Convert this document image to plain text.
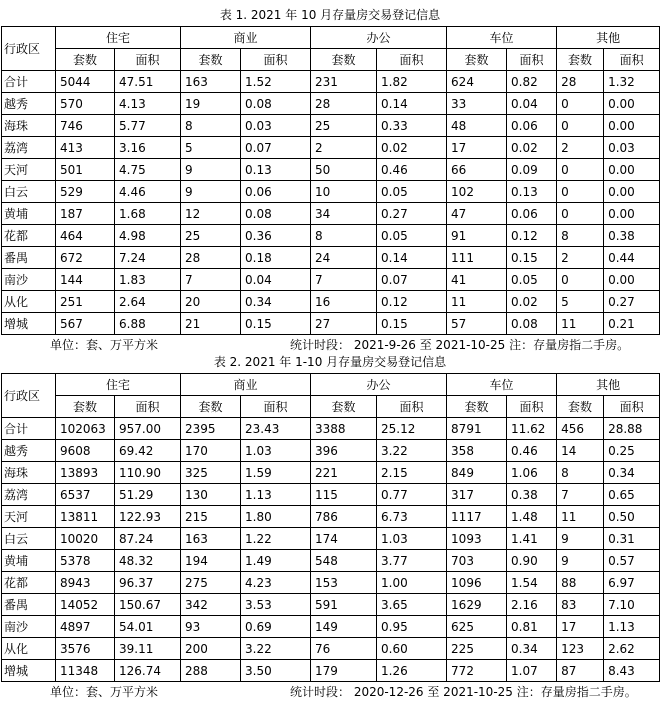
表 1. 2021 年 10 月存量房交易登记信息
行政区	住宅		商业		办公		车位		其他	
	套数	面积	套数	面积	套数	面积	套数	面积	套数	面积
合计	5044	47.51	163	1.52	231	1.82	624	0.82	28	1.32
越秀	570	4.13	19	0.08	28	0.14	33	0.04	0	0.00
海珠	746	5.77	8	0.03	25	0.33	48	0.06	0	0.00
荔湾	413	3.16	5	0.07	2	0.02	17	0.02	2	0.03
天河	501	4.75	9	0.13	50	0.46	66	0.09	0	0.00
白云	529	4.46	9	0.06	10	0.05	102	0.13	0	0.00
黄埔	187	1.68	12	0.08	34	0.27	47	0.06	0	0.00
花都	464	4.98	25	0.36	8	0.05	91	0.12	8	0.38
番禺	672	7.24	28	0.18	24	0.14	111	0.15	2	0.44
南沙	144	1.83	7	0.04	7	0.07	41	0.05	0	0.00
从化	251	2.64	20	0.34	16	0.12	11	0.02	5	0.27
增城	567	6.88	21	0.15	27	0.15	57	0.08	11	0.21
单位：套、万平方米	统计时段： 2021-9-26 至 2021-10-25 注：存量房指二手房。
表 2. 2021 年 1-10 月存量房交易登记信息
行政区	住宅		商业		办公		车位		其他	
	套数	面积	套数	面积	套数	面积	套数	面积	套数	面积
合计	102063	957.00	2395	23.43	3388	25.12	8791	11.62	456	28.88
越秀	9608	69.42	170	1.03	396	3.22	358	0.46	14	0.25
海珠	13893	110.90	325	1.59	221	2.15	849	1.06	8	0.34
荔湾	6537	51.29	130	1.13	115	0.77	317	0.38	7	0.65
天河	13811	122.93	215	1.80	786	6.73	1117	1.48	11	0.50
白云	10020	87.24	163	1.22	174	1.03	1093	1.41	9	0.31
黄埔	5378	48.32	194	1.49	548	3.77	703	0.90	9	0.57
花都	8943	96.37	275	4.23	153	1.00	1096	1.54	88	6.97
番禺	14052	150.67	342	3.53	591	3.65	1629	2.16	83	7.10
南沙	4897	54.01	93	0.69	149	0.95	625	0.81	17	1.13
从化	3576	39.11	200	3.22	76	0.60	225	0.34	123	2.62
增城	11348	126.74	288	3.50	179	1.26	772	1.07	87	8.43
单位：套、万平方米	统计时段： 2020-12-26 至 2021-10-25 注：存量房指二手房。
